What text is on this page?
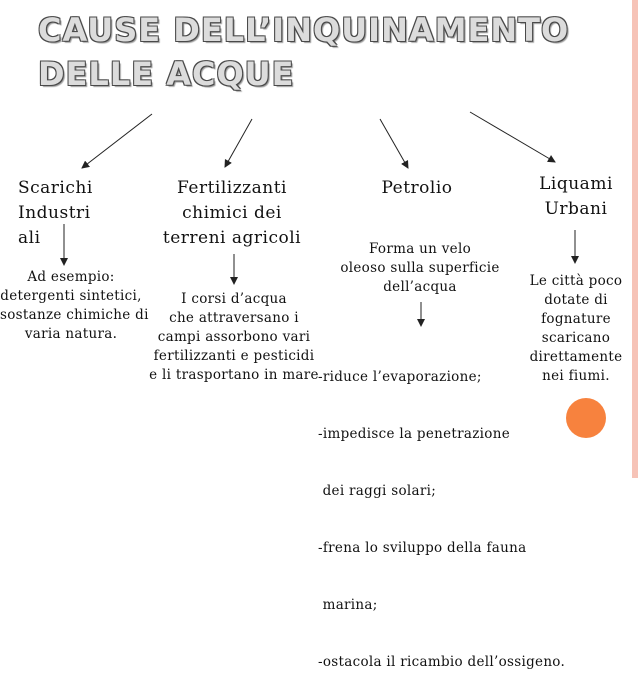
CAUSE DELL’INQUINAMENTO
DELLE ACQUE
Scarichi
Industri
ali
Ad esempio:
detergenti sintetici,
sostanze chimiche di
varia natura.
Fertilizzanti
chimici dei
terreni agricoli
I corsi d’acqua
che attraversano i
campi assorbono vari
fertilizzanti e pesticidi
e li trasportano in mare
Petrolio
Forma un velo
oleoso sulla superficie
dell’acqua

-riduce l’evaporazione;

-impedisce la penetrazione

dei raggi solari;

-frena lo sviluppo della fauna

marina;

-ostacola il ricambio dell’ossigeno.

Liquami
Urbani
Le città poco
dotate di
fognature
scaricano
direttamente
nei fiumi.
